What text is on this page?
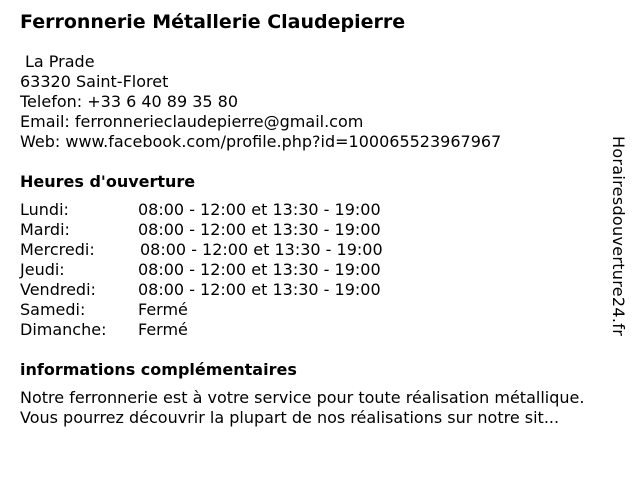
Ferronnerie Métallerie Claudepierre
La Prade
63320 Saint-Floret
Telefon: +33 6 40 89 35 80
Email: ferronnerieclaudepierre@gmail.com
Web: www.facebook.com/profile.php?id=100065523967967
Heures d'ouverture
Lundi:	08:00 - 12:00 et 13:30 - 19:00
Mardi:	08:00 - 12:00 et 13:30 - 19:00
Mercredi:	08:00 - 12:00 et 13:30 - 19:00
Jeudi:	08:00 - 12:00 et 13:30 - 19:00
Vendredi:	08:00 - 12:00 et 13:30 - 19:00
Samedi:	Fermé
Dimanche: Fermé
informations complémentaires
Notre ferronnerie est à votre service pour toute réalisation métallique.
Vous pourrez découvrir la plupart de nos réalisations sur notre sit...
Horairesdouverture24.fr
